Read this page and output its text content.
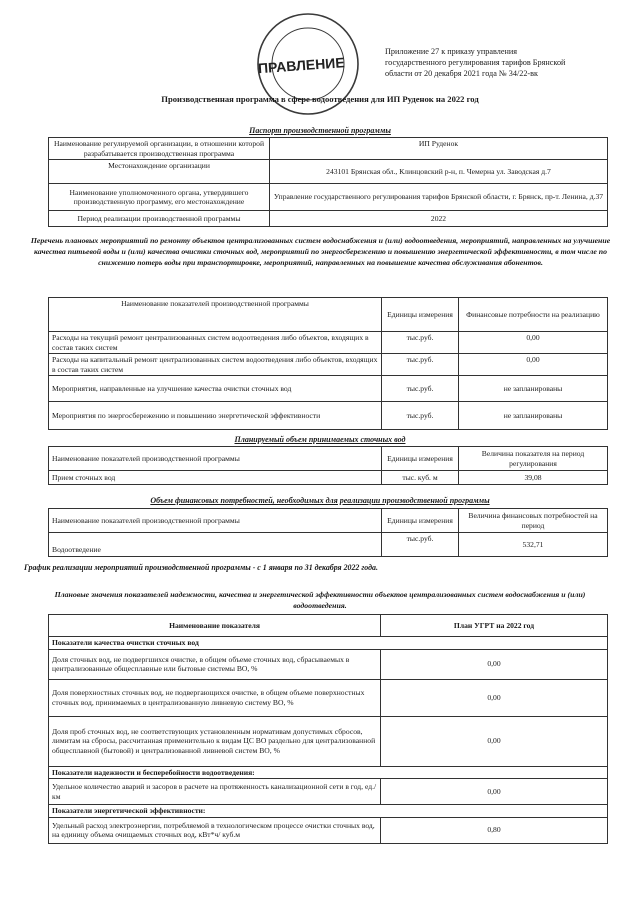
ПРАВЛЕНИЕ
Приложение 27 к приказу управления
государственного регулирования тарифов Брянской
области от 20 декабря 2021 года № 34/22-вк
Производственная программа в сфере водоотведения для ИП Руденок на 2022 год
Паспорт производственной программы
Наименование регулируемой организации, в отношении которой разрабатывается производственная программа	ИП Руденок
Местонахождение организации	243101 Брянская обл., Клинцовский р-н, п. Чемерна ул. Заводская д.7
Наименование уполномоченного органа, утвердившего производственную программу, его местонахождение	Управление государственного регулирования тарифов Брянской области, г. Брянск, пр-т. Ленина, д.37
Период реализации производственной программы	2022
Перечень плановых мероприятий по ремонту объектов централизованных систем водоснабжения и (или) водоотведения, мероприятий, направленных на улучшение качества питьевой воды и (или) качества очистки сточных вод, мероприятий по энергосбережению и повышению энергетической эффективности, в том числе по снижению потерь воды при транспортировке, мероприятий, направленных на повышение качества обслуживания абонентов.
Наименование показателей производственной программы	Единицы измерения	Финансовые потребности на реализацию
Расходы на текущий ремонт централизованных систем водоотведения либо объектов, входящих в состав таких систем	тыс.руб.	0,00
Расходы на капитальный ремонт централизованных систем водоотведения либо объектов, входящих в состав таких систем	тыс.руб.	0,00
Мероприятия, направленные на улучшение качества очистки сточных вод	тыс.руб.	не запланированы
Мероприятия по энергосбережению и повышению энергетической эффективности	тыс.руб.	не запланированы
Планируемый объем принимаемых сточных вод
Наименование показателей производственной программы	Единицы измерения	Величина показателя на период регулирования
Прием сточных вод	тыс. куб. м	39,08
Объем финансовых потребностей, необходимых для реализации производственной программы
Наименование показателей производственной программы	Единицы измерения	Величина финансовых потребностей на период
Водоотведение	тыс.руб.	532,71
График реализации мероприятий производственной программы - с 1 января по 31 декабря 2022 года.
Плановые значения показателей надежности, качества и энергетической эффективности объектов централизованных систем водоснабжения и (или) водоотведения.
Наименование показателя	План УГРТ на 2022 год
Показатели качества очистки сточных вод	
Доля сточных вод, не подвергшихся очистке, в общем объеме сточных вод, сбрасываемых в централизованные общесплавные или бытовые системы ВО, %	0,00
Доля поверхностных сточных вод, не подвергающихся очистке, в общем объеме поверхностных сточных вод, принимаемых в централизованную ливневую систему ВО, %	0,00
Доля проб сточных вод, не соответствующих установленным нормативам допустимых сбросов, лимитам на сбросы, рассчитанная применительно к видам ЦС ВО раздельно для централизованной общесплавной (бытовой) и централизованной ливневой систем ВО, %	0,00
Показатели надежности и бесперебойности водоотведения:	
Удельное количество аварий и засоров в расчете на протяженность канализационной сети в год, ед./км	0,00
Показатели энергетической эффективности:	
Удельный расход электроэнергии, потребляемой в технологическом процессе очистки сточных вод, на единицу объема очищаемых сточных вод, кВт*ч/ куб.м	0,80
